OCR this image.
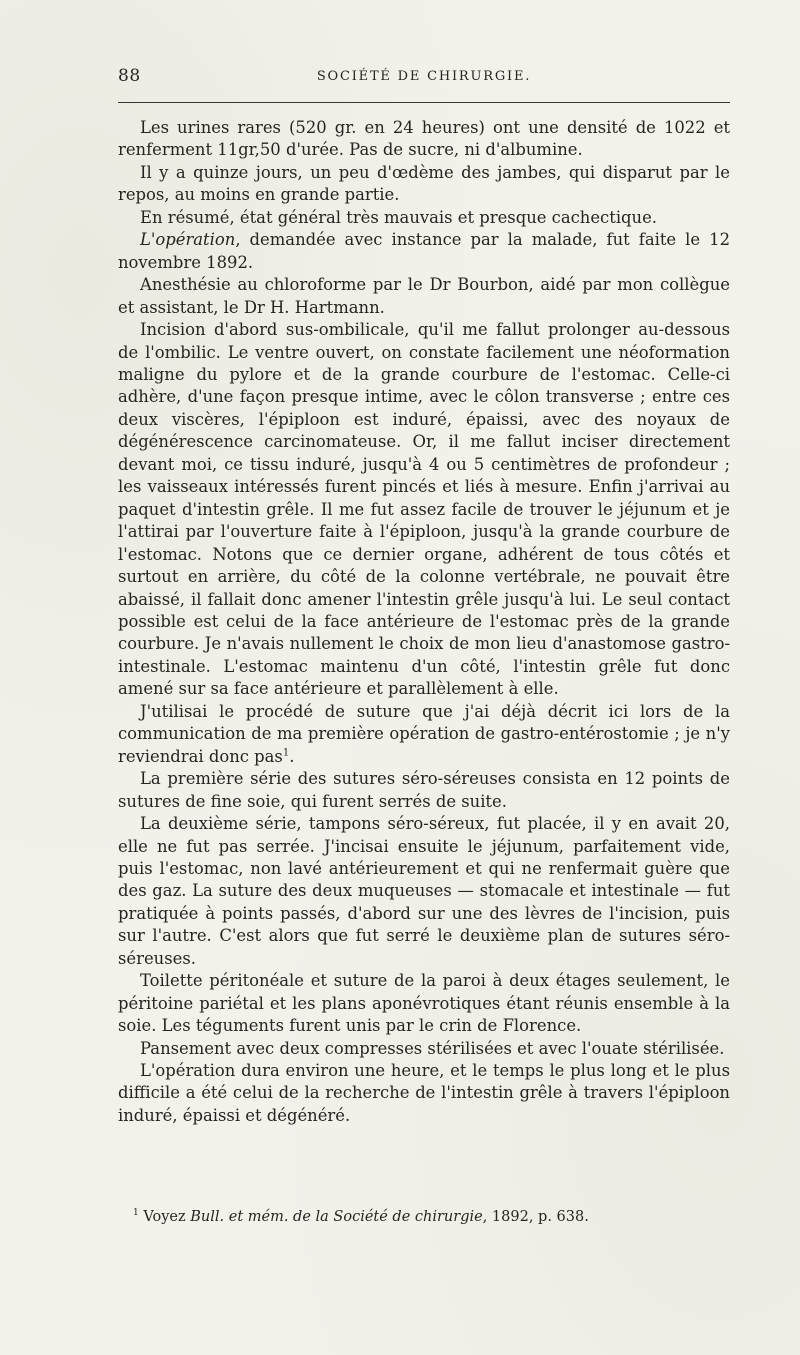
88	SOCIÉTÉ DE CHIRURGIE.

Les urines rares (520 gr. en 24 heures) ont une densité de 1022 et renferment 11gr,50 d'urée. Pas de sucre, ni d'albumine.

Il y a quinze jours, un peu d'œdème des jambes, qui disparut par le repos, au moins en grande partie.

En résumé, état général très mauvais et presque cachectique.

L'opération, demandée avec instance par la malade, fut faite le 12 novembre 1892.

Anesthésie au chloroforme par le Dr Bourbon, aidé par mon collègue et assistant, le Dr H. Hartmann.

Incision d'abord sus-ombilicale, qu'il me fallut prolonger au-dessous de l'ombilic. Le ventre ouvert, on constate facilement une néoformation maligne du pylore et de la grande courbure de l'estomac. Celle-ci adhère, d'une façon presque intime, avec le côlon transverse ; entre ces deux viscères, l'épiploon est induré, épaissi, avec des noyaux de dégénérescence carcinomateuse. Or, il me fallut inciser directement devant moi, ce tissu induré, jusqu'à 4 ou 5 centimètres de profondeur ; les vaisseaux intéressés furent pincés et liés à mesure. Enfin j'arrivai au paquet d'intestin grêle. Il me fut assez facile de trouver le jéjunum et je l'attirai par l'ouverture faite à l'épiploon, jusqu'à la grande courbure de l'estomac. Notons que ce dernier organe, adhérent de tous côtés et surtout en arrière, du côté de la colonne vertébrale, ne pouvait être abaissé, il fallait donc amener l'intestin grêle jusqu'à lui. Le seul contact possible est celui de la face antérieure de l'estomac près de la grande courbure. Je n'avais nullement le choix de mon lieu d'anastomose gastro-intestinale. L'estomac maintenu d'un côté, l'intestin grêle fut donc amené sur sa face antérieure et parallèlement à elle.

J'utilisai le procédé de suture que j'ai déjà décrit ici lors de la communication de ma première opération de gastro-entérostomie ; je n'y reviendrai donc pas$^1$.

La première série des sutures séro-séreuses consista en 12 points de sutures de fine soie, qui furent serrés de suite.

La deuxième série, tampons séro-séreux, fut placée, il y en avait 20, elle ne fut pas serrée. J'incisai ensuite le jéjunum, parfaitement vide, puis l'estomac, non lavé antérieurement et qui ne renfermait guère que des gaz. La suture des deux muqueuses — stomacale et intestinale — fut pratiquée à points passés, d'abord sur une des lèvres de l'incision, puis sur l'autre. C'est alors que fut serré le deuxième plan de sutures séro-séreuses.

Toilette péritonéale et suture de la paroi à deux étages seulement, le péritoine pariétal et les plans aponévrotiques étant réunis ensemble à la soie. Les téguments furent unis par le crin de Florence.

Pansement avec deux compresses stérilisées et avec l'ouate stérilisée.

L'opération dura environ une heure, et le temps le plus long et le plus difficile a été celui de la recherche de l'intestin grêle à travers l'épiploon induré, épaissi et dégénéré.

$^1$ Voyez Bull. et mém. de la Société de chirurgie, 1892, p. 638.
